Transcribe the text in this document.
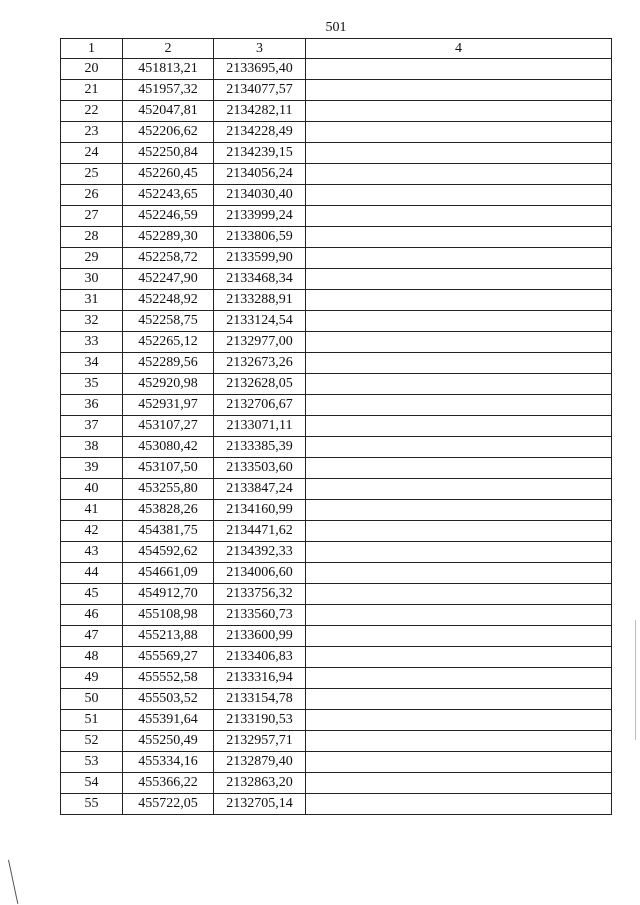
501
1	2	3	4
20	451813,21	2133695,40	
21	451957,32	2134077,57	
22	452047,81	2134282,11	
23	452206,62	2134228,49	
24	452250,84	2134239,15	
25	452260,45	2134056,24	
26	452243,65	2134030,40	
27	452246,59	2133999,24	
28	452289,30	2133806,59	
29	452258,72	2133599,90	
30	452247,90	2133468,34	
31	452248,92	2133288,91	
32	452258,75	2133124,54	
33	452265,12	2132977,00	
34	452289,56	2132673,26	
35	452920,98	2132628,05	
36	452931,97	2132706,67	
37	453107,27	2133071,11	
38	453080,42	2133385,39	
39	453107,50	2133503,60	
40	453255,80	2133847,24	
41	453828,26	2134160,99	
42	454381,75	2134471,62	
43	454592,62	2134392,33	
44	454661,09	2134006,60	
45	454912,70	2133756,32	
46	455108,98	2133560,73	
47	455213,88	2133600,99	
48	455569,27	2133406,83	
49	455552,58	2133316,94	
50	455503,52	2133154,78	
51	455391,64	2133190,53	
52	455250,49	2132957,71	
53	455334,16	2132879,40	
54	455366,22	2132863,20	
55	455722,05	2132705,14	
